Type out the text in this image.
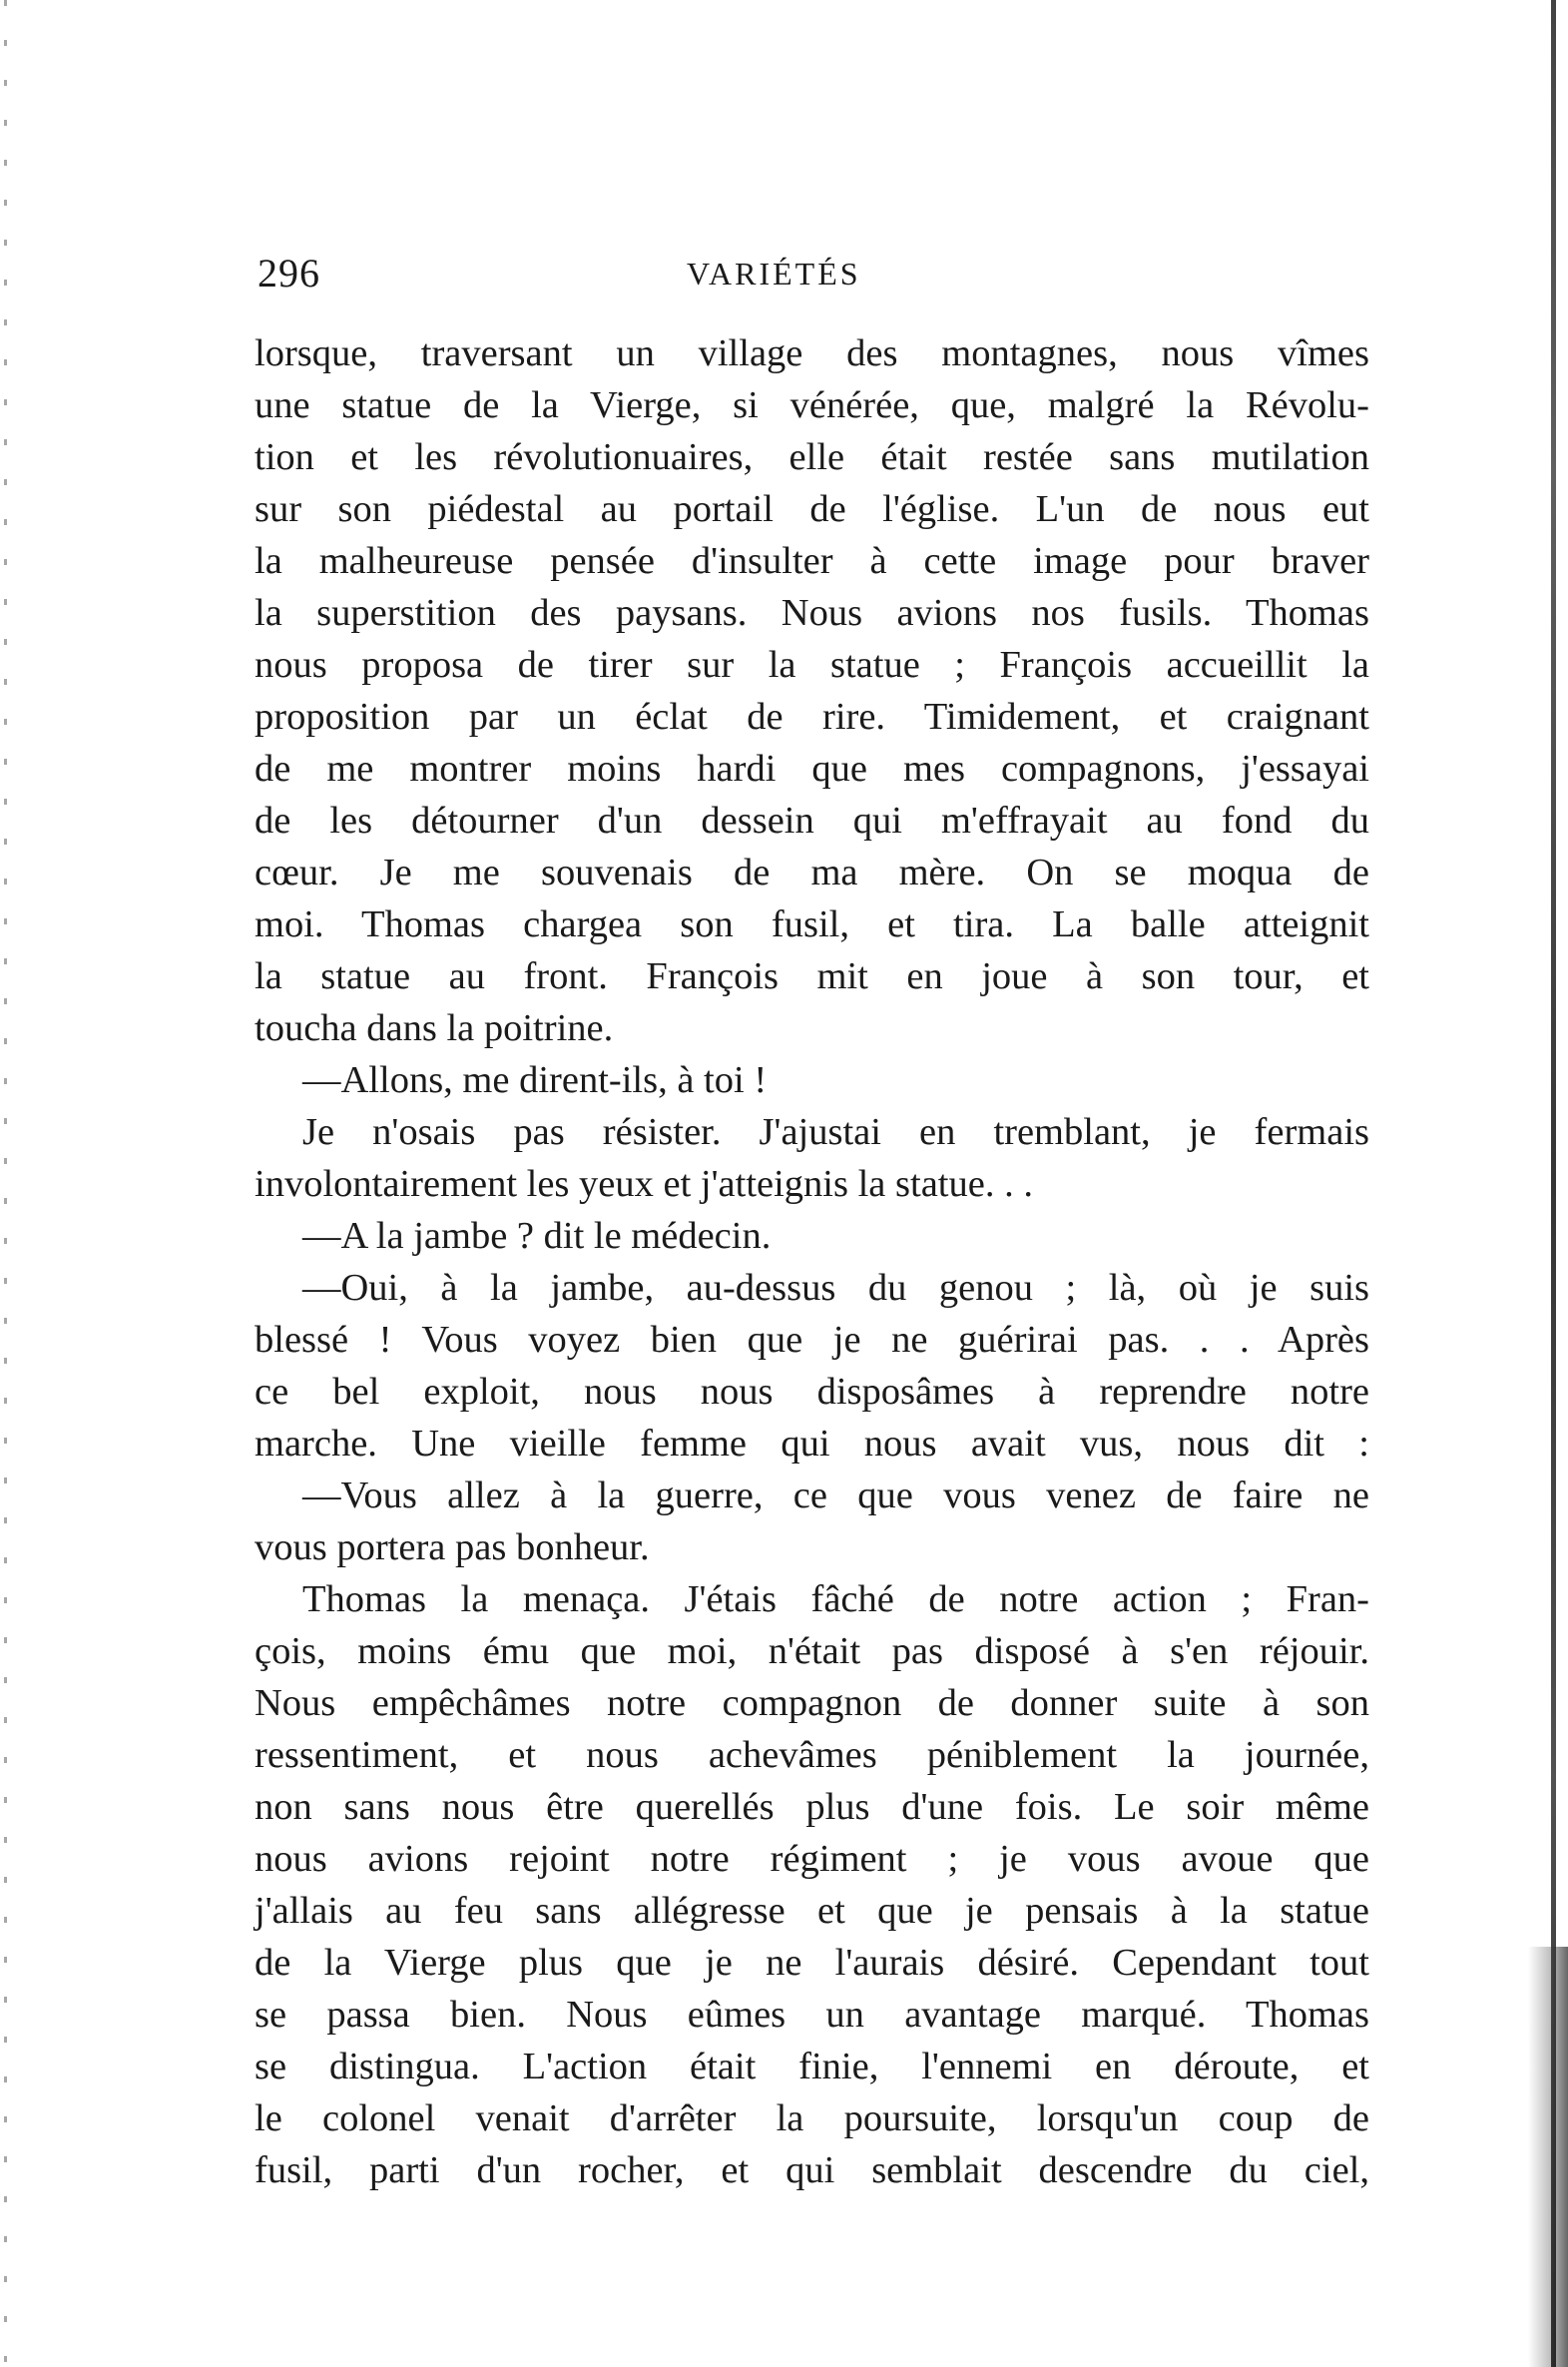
296	VARIÉTÉS
lorsque, traversant un village des montagnes, nous vîmes
une statue de la Vierge, si vénérée, que, malgré la Révolu-
tion et les révolutionuaires, elle était restée sans mutilation
sur son piédestal au portail de l'église. L'un de nous eut
la malheureuse pensée d'insulter à cette image pour braver
la superstition des paysans. Nous avions nos fusils. Thomas
nous proposa de tirer sur la statue ; François accueillit la
proposition par un éclat de rire. Timidement, et craignant
de me montrer moins hardi que mes compagnons, j'essayai
de les détourner d'un dessein qui m'effrayait au fond du
cœur. Je me souvenais de ma mère. On se moqua de
moi. Thomas chargea son fusil, et tira. La balle atteignit
la statue au front. François mit en joue à son tour, et
toucha dans la poitrine.
—Allons, me dirent-ils, à toi !
Je n'osais pas résister. J'ajustai en tremblant, je fermais
involontairement les yeux et j'atteignis la statue. . .
—A la jambe ? dit le médecin.
—Oui, à la jambe, au-dessus du genou ; là, où je suis
blessé ! Vous voyez bien que je ne guérirai pas. . . Après
ce bel exploit, nous nous disposâmes à reprendre notre
marche. Une vieille femme qui nous avait vus, nous dit :
—Vous allez à la guerre, ce que vous venez de faire ne
vous portera pas bonheur.
Thomas la menaça. J'étais fâché de notre action ; Fran-
çois, moins ému que moi, n'était pas disposé à s'en réjouir.
Nous empêchâmes notre compagnon de donner suite à son
ressentiment, et nous achevâmes péniblement la journée,
non sans nous être querellés plus d'une fois. Le soir même
nous avions rejoint notre régiment ; je vous avoue que
j'allais au feu sans allégresse et que je pensais à la statue
de la Vierge plus que je ne l'aurais désiré. Cependant tout
se passa bien. Nous eûmes un avantage marqué. Thomas
se distingua. L'action était finie, l'ennemi en déroute, et
le colonel venait d'arrêter la poursuite, lorsqu'un coup de
fusil, parti d'un rocher, et qui semblait descendre du ciel,
